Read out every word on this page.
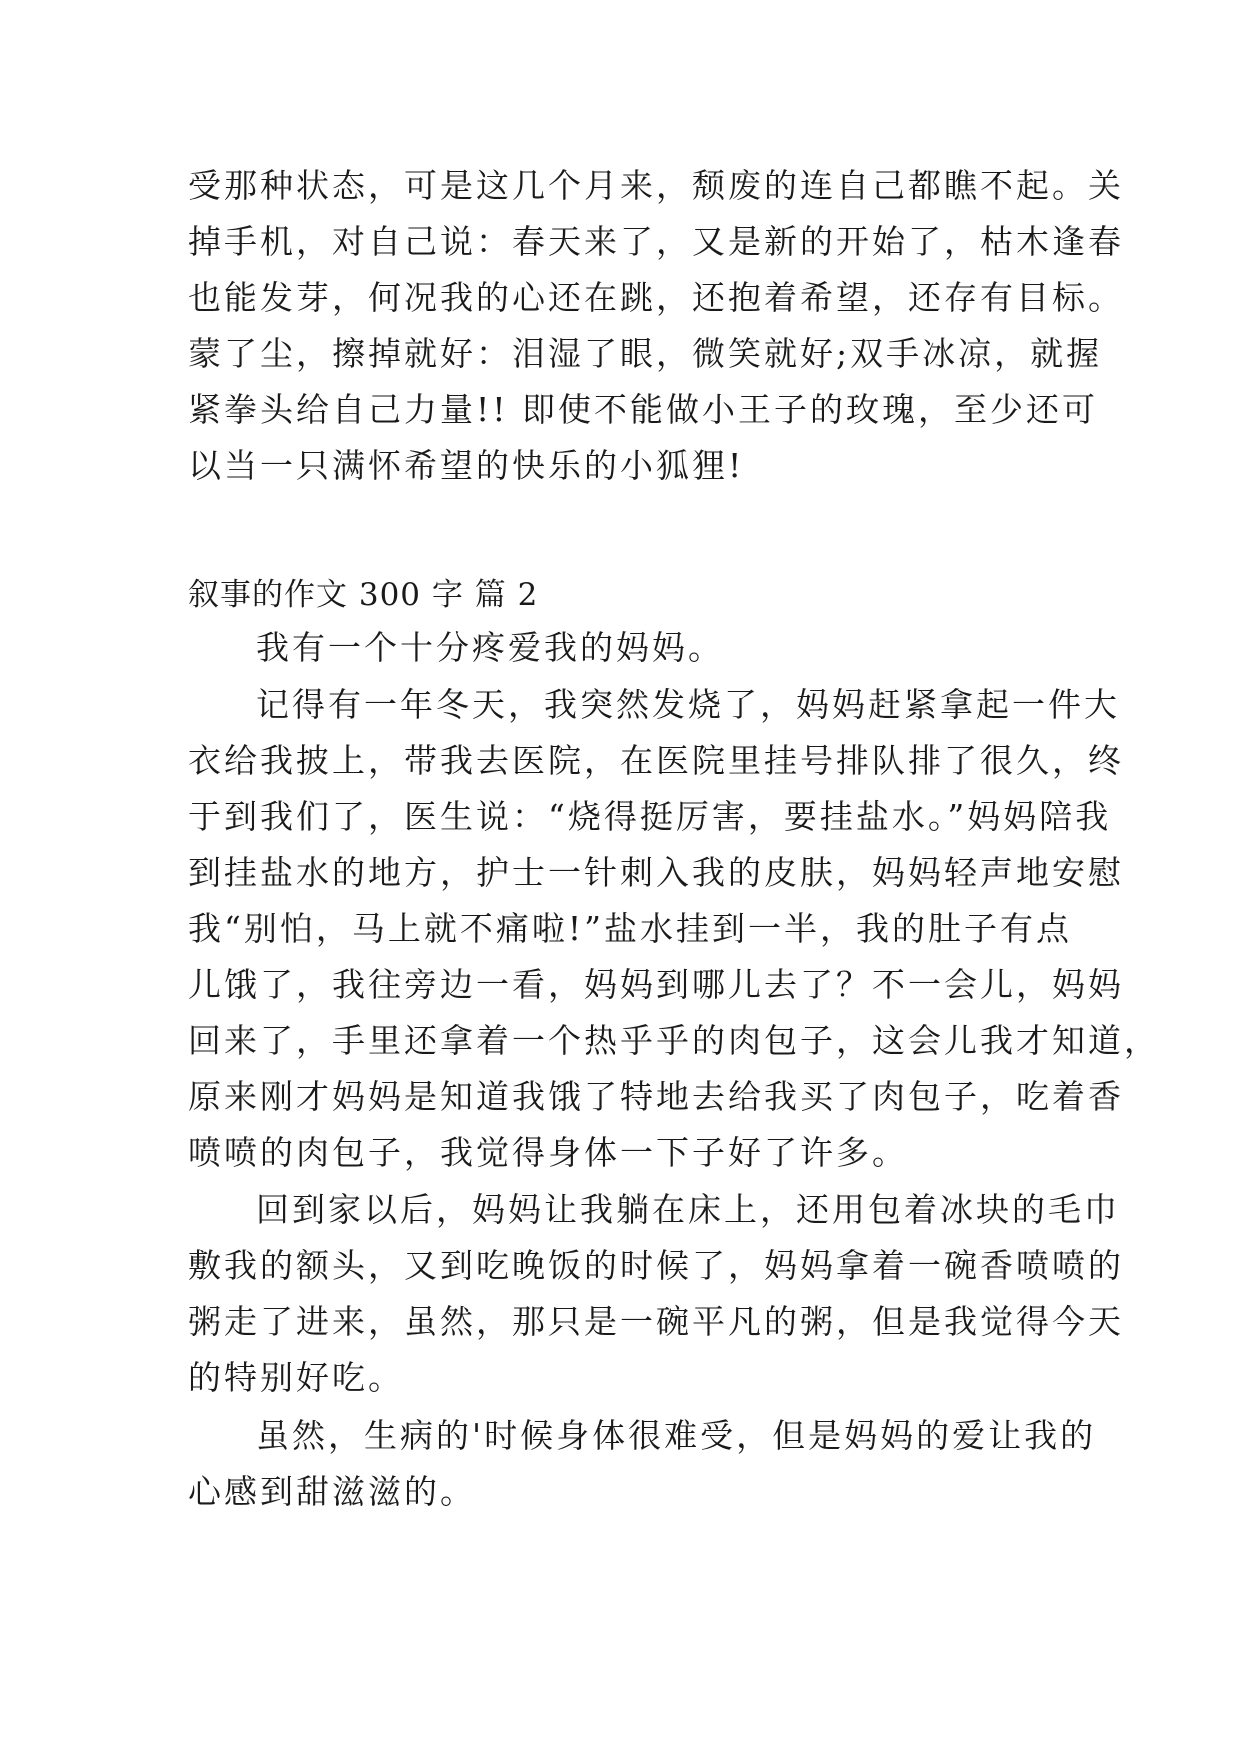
受那种状态，可是这几个月来，颓废的连自己都瞧不起。关
掉手机，对自己说：春天来了，又是新的开始了，枯木逢春
也能发芽，何况我的心还在跳，还抱着希望，还存有目标。
蒙了尘，擦掉就好：泪湿了眼，微笑就好;双手冰凉，就握
紧拳头给自己力量!! 即使不能做小王子的玫瑰，至少还可
以当一只满怀希望的快乐的小狐狸!
叙事的作文 300 字 篇 2
我有一个十分疼爱我的妈妈。
记得有一年冬天，我突然发烧了，妈妈赶紧拿起一件大
衣给我披上，带我去医院，在医院里挂号排队排了很久，终
于到我们了，医生说：“烧得挺厉害，要挂盐水。”妈妈陪我
到挂盐水的地方，护士一针刺入我的皮肤，妈妈轻声地安慰
我“别怕，马上就不痛啦!”盐水挂到一半，我的肚子有点
儿饿了，我往旁边一看，妈妈到哪儿去了？不一会儿，妈妈
回来了，手里还拿着一个热乎乎的肉包子，这会儿我才知道，
原来刚才妈妈是知道我饿了特地去给我买了肉包子，吃着香
喷喷的肉包子，我觉得身体一下子好了许多。
回到家以后，妈妈让我躺在床上，还用包着冰块的毛巾
敷我的额头，又到吃晚饭的时候了，妈妈拿着一碗香喷喷的
粥走了进来，虽然，那只是一碗平凡的粥，但是我觉得今天
的特别好吃。
虽然，生病的'时候身体很难受，但是妈妈的爱让我的
心感到甜滋滋的。
